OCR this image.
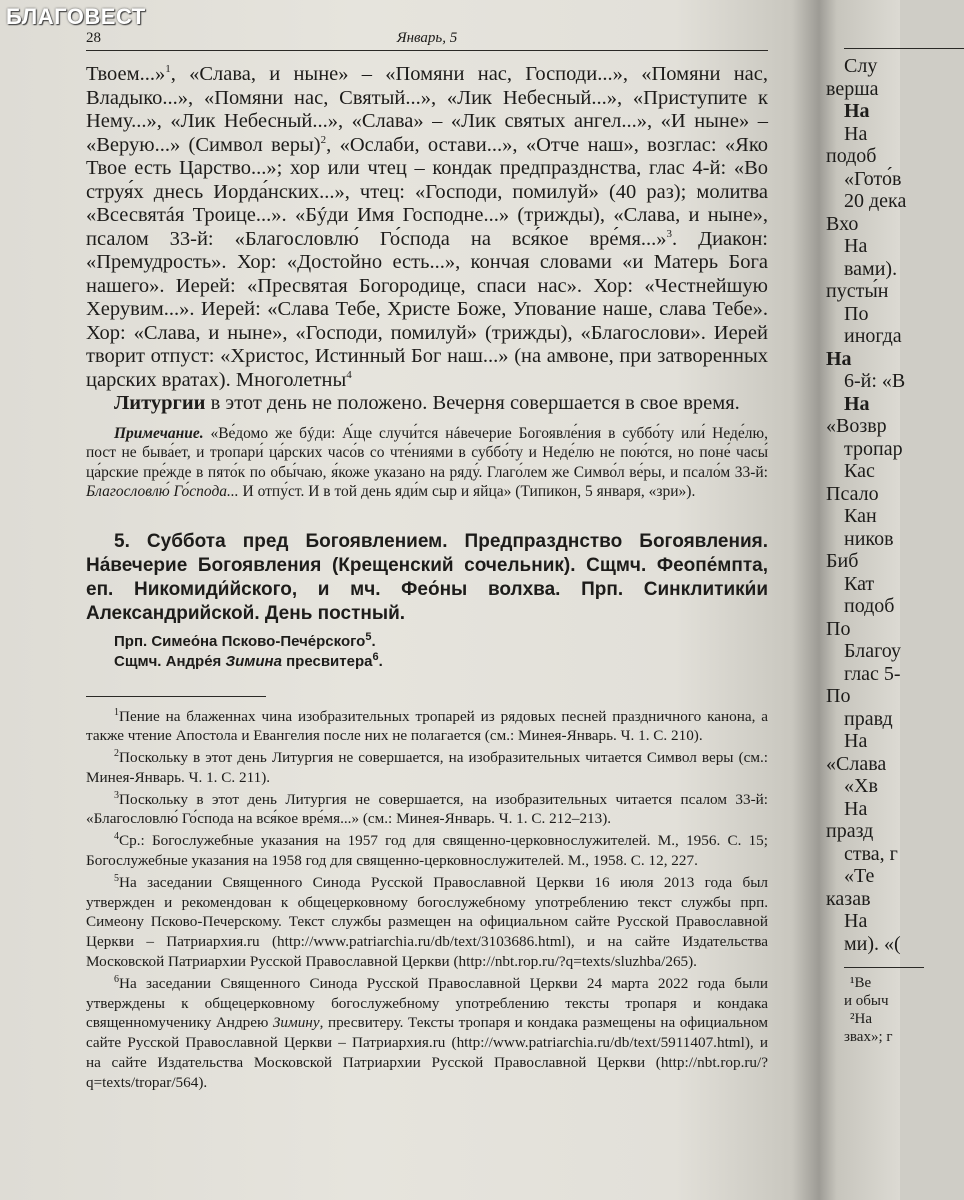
БЛАГОВЕСТ
28	Январь, 5

Твоем...»$^1$, «Слава, и ныне» – «Помяни нас, Господи...», «Помяни нас, Владыко...», «Помяни нас, Святый...», «Лик Небесный...», «Приступите к Нему...», «Лик Небесный...», «Слава» – «Лик святых ангел...», «И ныне» – «Верую...» (Символ веры)$^2$, «Ослаби, остави...», «Отче наш», возглас: «Яко Твое есть Царство...»; хор или чтец – кондак предпразднства, глас 4-й: «Во струя́х днесь Иорда́нских...», чтец: «Господи, помилуй» (40 раз); молитва «Всесвятáя Троице...». «Бýди Имя Господне...» (трижды), «Слава, и ныне», псалом 33-й: «Благословлю́ Го́спода на вся́кое вре́мя...»$^3$. Диакон: «Премудрость». Хор: «Достойно есть...», кончая словами «и Матерь Бога нашего». Иерей: «Пресвятая Богородице, спаси нас». Хор: «Честнейшую Херувим...». Иерей: «Слава Тебе, Христе Боже, Упование наше, слава Тебе». Хор: «Слава, и ныне», «Господи, помилуй» (трижды), «Благослови». Иерей творит отпуст: «Христос, Истинный Бог наш...» (на амвоне, при затворенных царских вратах). Многолетны$^4$

Литургии в этот день не положено. Вечерня совершается в свое время.

Примечание. «Ве́домо же бýди: А́ще случи́тся нáвечерие Богоявле́ния в суббо́ту или́ Неде́лю, пост не быва́ет, и тропари́ ца́рских часо́в со чте́ниями в суббо́ту и Неде́лю не пою́тся, но поне́ часы́ ца́рские пре́жде в пято́к по обы́чаю, я́коже указано на ряду́. Глаго́лем же Симво́л ве́ры, и псало́м 33-й: Благословлю́ Го́спода... И отпу́ст. И в той день яди́м сыр и яйца» (Типикон, 5 января, «зри»).
5. Суббота пред Богоявлением. Предпразднство Богоявления. На́вечерие Богоявления (Крещенский сочельник). Сщмч. Феопе́мпта, еп. Никомиди́йского, и мч. Фео́ны волхва. Прп. Синклитики́и Александрийской. День постный.
Прп. Симео́на Псково-Пече́рского$^5$.
Сщмч. Андре́я Зимина пресвитера$^6$.

$^1$Пение на блаженнах чина изобразительных тропарей из рядовых песней праздничного канона, а также чтение Апостола и Евангелия после них не полагается (см.: Минея-Январь. Ч. 1. С. 210).

$^2$Поскольку в этот день Литургия не совершается, на изобразительных читается Символ веры (см.: Минея-Январь. Ч. 1. С. 211).

$^3$Поскольку в этот день Литургия не совершается, на изобразительных читается псалом 33-й: «Благословлю́ Го́спода на вся́кое вре́мя...» (см.: Минея-Январь. Ч. 1. С. 212–213).

$^4$Ср.: Богослужебные указания на 1957 год для священно-церковнослужителей. М., 1956. С. 15; Богослужебные указания на 1958 год для священно-церковнослужителей. М., 1958. С. 12, 227.

$^5$На заседании Священного Синода Русской Православной Церкви 16 июля 2013 года был утвержден и рекомендован к общецерковному богослужебному употреблению текст службы прп. Симеону Псково-Печерскому. Текст службы размещен на официальном сайте Русской Православной Церкви – Патриархия.ru (http://www.patriarchia.ru/db/text/3103686.html), и на сайте Издательства Московской Патриархии Русской Православной Церкви (http://nbt.rop.ru/?q=texts/sluzhba/265).

$^6$На заседании Священного Синода Русской Православной Церкви 24 марта 2022 года были утверждены к общецерковному богослужебному употреблению тексты тропаря и кондака священномученику Андрею Зимину, пресвитеру. Тексты тропаря и кондака размещены на официальном сайте Русской Православной Церкви – Патриархия.ru (http://www.patriarchia.ru/db/text/5911407.html), и на сайте Издательства Московской Патриархии Русской Православной Церкви (http://nbt.rop.ru/?q=texts/tropar/564).

Слу
верша
На
На
подоб
«Гото́в
20 дека
Вхо
На
вами).
пусты́н
По
иногда
На
6-й: «В
На
«Возвр
тропар
Кас
Псало
Кан
ников
Биб
Кат
подоб
По
Благоу
глас 5-
По
правд
На
«Слава
«Хв
На
празд
ства, г
«Те
казав
На
ми). «(
¹Ве
и обыч
²На
звах»; г
